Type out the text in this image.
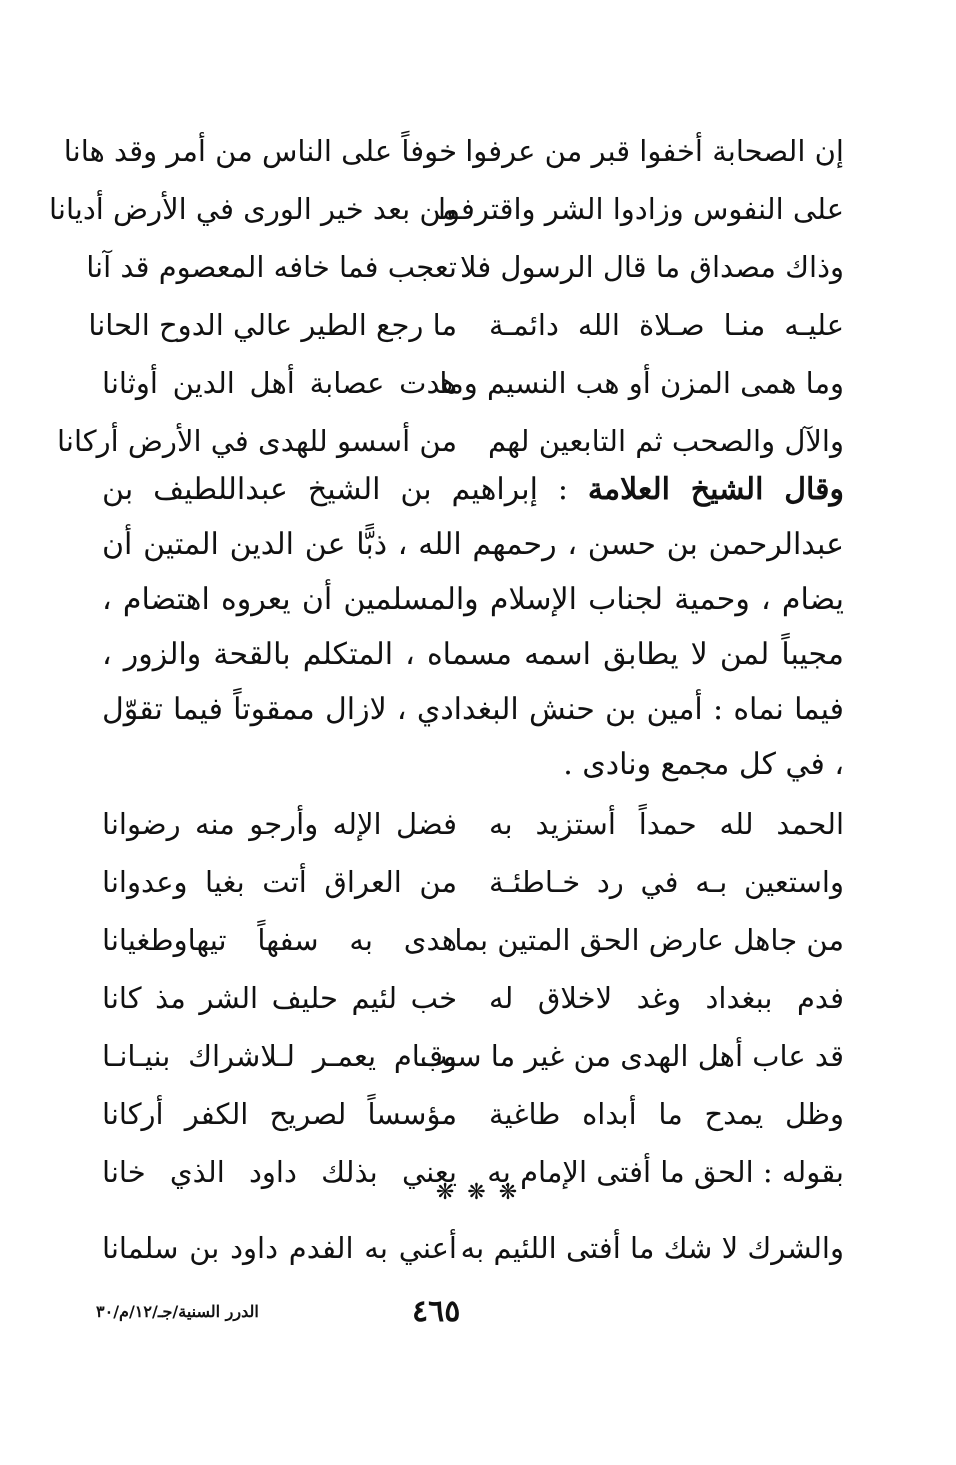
إن الصحابة أخفوا قبر من عرفوا
خوفاً على الناس من أمر وقد هانا
على النفوس وزادوا الشر واقترفوا
من بعد خير الورى في الأرض أديانا
وذاك مصداق ما قال الرسول فلا
تعجب فما خافه المعصوم قد آنا
عليـه منـا صـلاة الله دائمـة
ما رجع الطير عالي الدوح الحانا
وما همى المزن أو هب النسيم وما
هدت عصابة أهل الدين أوثانا
والآل والصحب ثم التابعين لهم
من أسسو للهدى في الأرض أركانا
وقال الشيخ العلامة : إبراهيم بن الشيخ عبداللطيف بن عبدالرحمن بن حسن ، رحمهم الله ، ذبًّا عن الدين المتين أن يضام ، وحمية لجناب الإسلام والمسلمين أن يعروه اهتضام ، مجيباً لمن لا يطابق اسمه مسماه ، المتكلم بالقحة والزور ، فيما نماه : أمين بن حنش البغدادي ، لازال ممقوتاً فيما تقوّل ، في كل مجمع ونادى .
الحمد لله حمداً أستزيد به
فضل الإله وأرجو منه رضوانا
واستعين بـه في رد خـاطئـة
من العراق أتت بغيا وعدوانا
من جاهل عارض الحق المتين بما
هدى به سفهاً تيهاوطغيانا
فدم ببغداد وغد لاخلاق له
خب لئيم حليف الشر مذ كانا
قد عاب أهل الهدى من غير ما سبب
وقـام يعمـر لـلاشراك بنيـانـا
وظل يمدح ما أبداه طاغية
مؤسساً لصريح الكفر أركانا
بقوله : الحق ما أفتى الإمام به
يعني بذلك داود الذي خانا
❋ ❋ ❋
والشرك لا شك ما أفتى اللئيم به
أعني به الفدم داود بن سلمانا
الدرر السنية/جـ/١٢/م/٣٠	٤٦٥
